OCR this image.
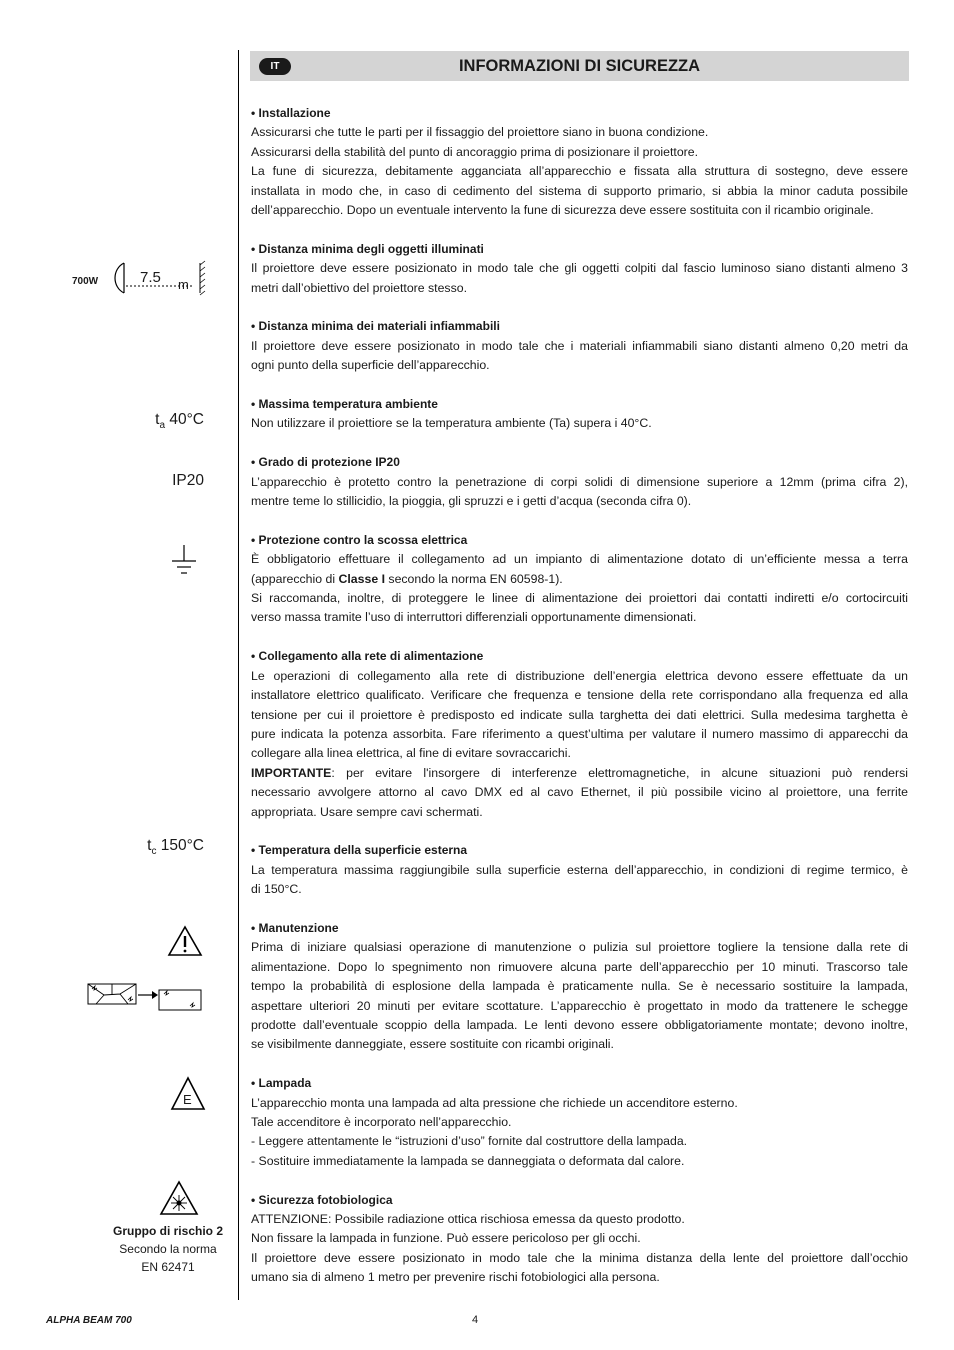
IT	INFORMAZIONI DI SICUREZZA
• Installazione
Assicurarsi che tutte le parti per il fissaggio del proiettore siano in buona condizione.
Assicurarsi della stabilità del punto di ancoraggio prima di posizionare il proiettore.
La fune di sicurezza, debitamente agganciata all’apparecchio e fissata alla struttura di sostegno, deve essere
installata in modo che, in caso di cedimento del sistema di supporto primario, si abbia la minor caduta possibile
dell’apparecchio. Dopo un eventuale intervento la fune di sicurezza deve essere sostituita con il ricambio originale.
• Distanza minima degli oggetti illuminati
Il proiettore deve essere posizionato in modo tale che gli oggetti colpiti dal fascio luminoso siano distanti almeno 3
metri dall’obiettivo del proiettore stesso.
• Distanza minima dei materiali infiammabili
Il proiettore deve essere posizionato in modo tale che i materiali infiammabili siano distanti almeno 0,20 metri da
ogni punto della superficie dell’apparecchio.
• Massima temperatura ambiente
Non utilizzare il proiettiore se la temperatura ambiente (Ta) supera i 40°C.
• Grado di protezione IP20
L’apparecchio è protetto contro la penetrazione di corpi solidi di dimensione superiore a 12mm (prima cifra 2),
mentre teme lo stillicidio, la pioggia, gli spruzzi e i getti d’acqua (seconda cifra 0).
• Protezione contro la scossa elettrica
È obbligatorio effettuare il collegamento ad un impianto di alimentazione dotato di un’efficiente messa a terra
(apparecchio di Classe I secondo la norma EN 60598-1).
Si raccomanda, inoltre, di proteggere le linee di alimentazione dei proiettori dai contatti indiretti e/o cortocircuiti
verso massa tramite l’uso di interruttori differenziali opportunamente dimensionati.
• Collegamento alla rete di alimentazione
Le operazioni di collegamento alla rete di distribuzione dell’energia elettrica devono essere effettuate da un
installatore elettrico qualificato. Verificare che frequenza e tensione della rete corrispondano alla frequenza ed alla
tensione per cui il proiettore è predisposto ed indicate sulla targhetta dei dati elettrici. Sulla medesima targhetta è
pure indicata la potenza assorbita. Fare riferimento a quest’ultima per valutare il numero massimo di apparecchi da
collegare alla linea elettrica, al fine di evitare sovraccarichi.
IMPORTANTE: per evitare l'insorgere di interferenze elettromagnetiche, in alcune situazioni può rendersi
necessario avvolgere attorno al cavo DMX ed al cavo Ethernet, il più possibile vicino al proiettore, una ferrite
appropriata. Usare sempre cavi schermati.
• Temperatura della superficie esterna
La temperatura massima raggiungibile sulla superficie esterna dell’apparecchio, in condizioni di regime termico, è
di 150°C.
• Manutenzione
Prima di iniziare qualsiasi operazione di manutenzione o pulizia sul proiettore togliere la tensione dalla rete di
alimentazione. Dopo lo spegnimento non rimuovere alcuna parte dell’apparecchio per 10 minuti. Trascorso tale
tempo la probabilità di esplosione della lampada è praticamente nulla. Se è necessario sostituire la lampada,
aspettare ulteriori 20 minuti per evitare scottature. L’apparecchio è progettato in modo da trattenere le schegge
prodotte dall’eventuale scoppio della lampada. Le lenti devono essere obbligatoriamente montate; devono inoltre,
se visibilmente danneggiate, essere sostituite con ricambi originali.
• Lampada
L’apparecchio monta una lampada ad alta pressione che richiede un accenditore esterno.
Tale accenditore è incorporato nell’apparecchio.
- Leggere attentamente le “istruzioni d’uso” fornite dal costruttore della lampada.
- Sostituire immediatamente la lampada se danneggiata o deformata dal calore.
• Sicurezza fotobiologica
ATTENZIONE: Possibile radiazione ottica rischiosa emessa da questo prodotto.
Non fissare la lampada in funzione. Può essere pericoloso per gli occhi.
Il proiettore deve essere posizionato in modo tale che la minima distanza della lente del proiettore dall’occhio
umano sia di almeno 1 metro per prevenire rischi fotobiologici alla persona.
700W	7.5 m
$t_a$ 40°C
IP20
$t_c$ 150°C
E
Gruppo di rischio 2
Secondo la norma
EN 62471
ALPHA BEAM 700	4
